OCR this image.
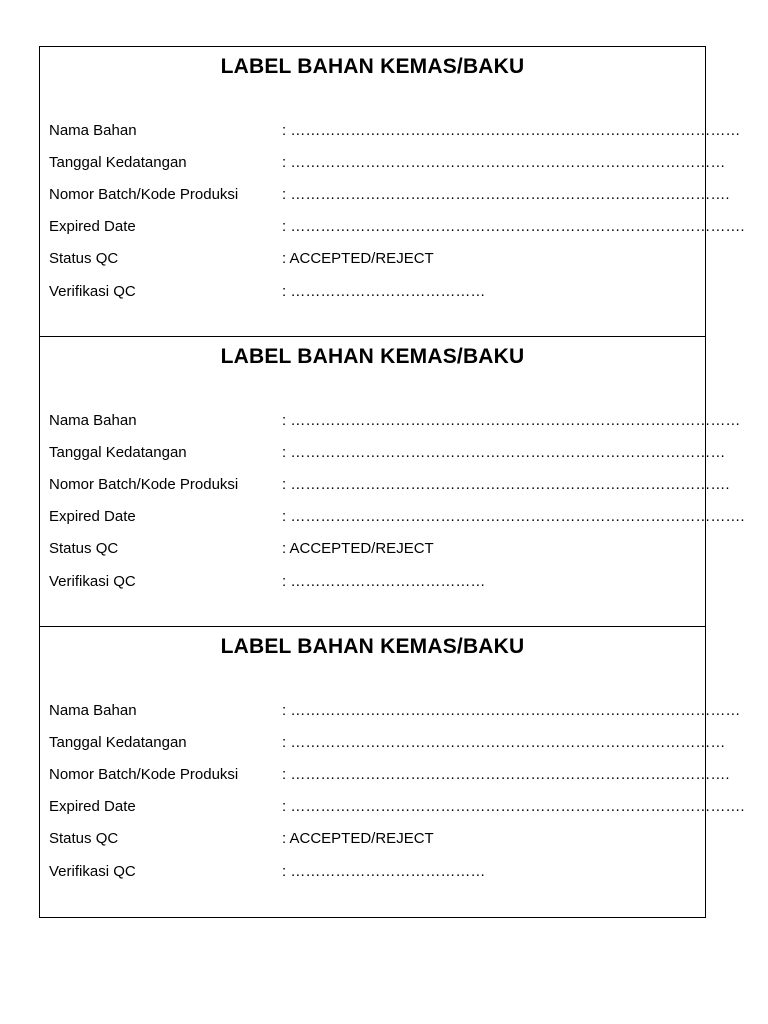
LABEL BAHAN KEMAS/BAKU
Nama Bahan	: ………………………………………………………………………………
Tanggal Kedatangan	: ……………………………………………………………………………
Nomor Batch/Kode Produksi	: …………………………………………………………………………….
Expired Date	: ……………………………………………………………………………….
Status QC	: ACCEPTED/REJECT
Verifikasi QC	: …………………………………
LABEL BAHAN KEMAS/BAKU
Nama Bahan	: ………………………………………………………………………………
Tanggal Kedatangan	: ……………………………………………………………………………
Nomor Batch/Kode Produksi	: …………………………………………………………………………….
Expired Date	: ……………………………………………………………………………….
Status QC	: ACCEPTED/REJECT
Verifikasi QC	: …………………………………
LABEL BAHAN KEMAS/BAKU
Nama Bahan	: ………………………………………………………………………………
Tanggal Kedatangan	: ……………………………………………………………………………
Nomor Batch/Kode Produksi	: …………………………………………………………………………….
Expired Date	: ……………………………………………………………………………….
Status QC	: ACCEPTED/REJECT
Verifikasi QC	: …………………………………
